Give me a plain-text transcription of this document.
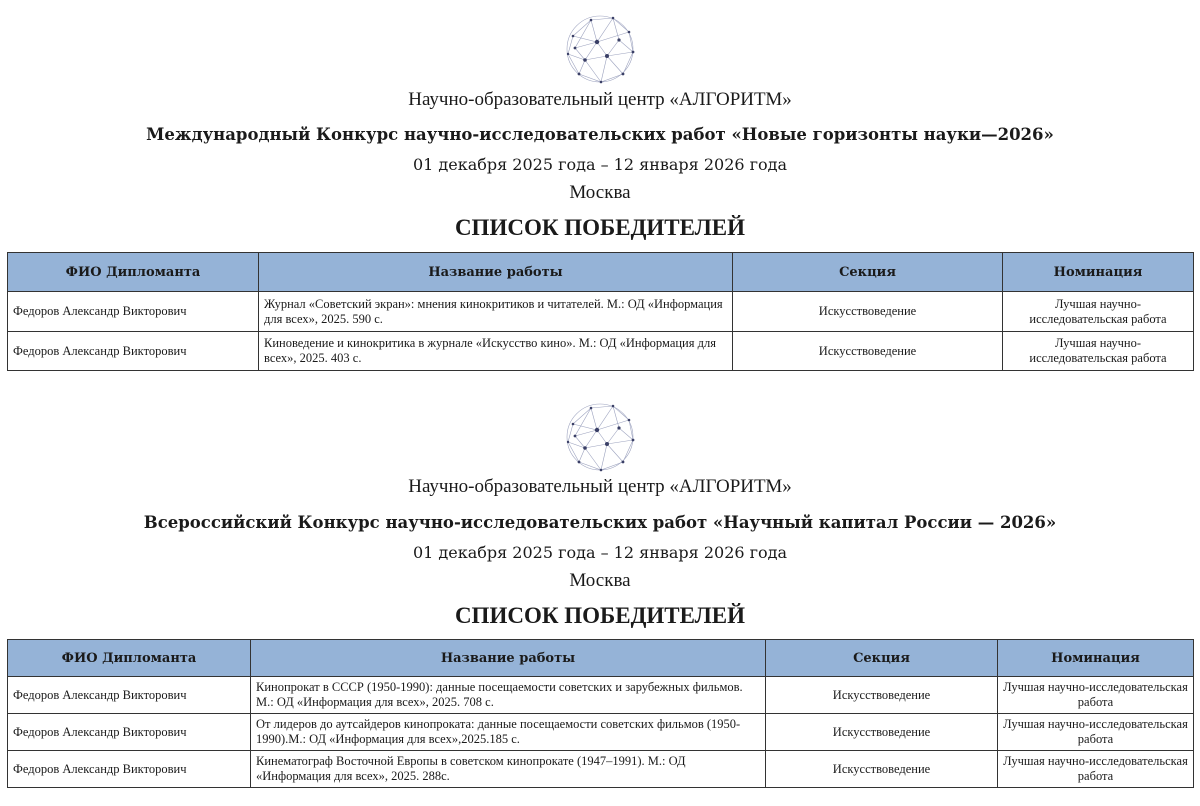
Научно-образовательный центр «АЛГОРИТМ»
Международный Конкурс научно-исследовательских работ «Новые горизонты науки—2026»
01 декабря 2025 года – 12 января 2026 года
Москва
СПИСОК ПОБЕДИТЕЛЕЙ
ФИО Дипломанта	Название работы	Секция	Номинация
Федоров Александр Викторович	Журнал «Советский экран»: мнения кинокритиков и читателей. М.: ОД «Информация для всех», 2025. 590 с.	Искусствоведение	Лучшая научно-исследовательская работа
Федоров Александр Викторович	Киноведение и кинокритика в журнале «Искусство кино». М.: ОД «Информация для всех», 2025. 403 с.	Искусствоведение	Лучшая научно-исследовательская работа
Научно-образовательный центр «АЛГОРИТМ»
Всероссийский Конкурс научно-исследовательских работ «Научный капитал России — 2026»
01 декабря 2025 года – 12 января 2026 года
Москва
СПИСОК ПОБЕДИТЕЛЕЙ
ФИО Дипломанта	Название работы	Секция	Номинация
Федоров Александр Викторович	Кинопрокат в СССР (1950-1990): данные посещаемости советских и зарубежных фильмов. М.: ОД «Информация для всех», 2025. 708 с.	Искусствоведение	Лучшая научно-исследовательская работа
Федоров Александр Викторович	От лидеров до аутсайдеров кинопроката: данные посещаемости советских фильмов (1950-1990).М.: ОД «Информация для всех»,2025.185 с.	Искусствоведение	Лучшая научно-исследовательская работа
Федоров Александр Викторович	Кинематограф Восточной Европы в советском кинопрокате (1947–1991). М.: ОД «Информация для всех», 2025. 288с.	Искусствоведение	Лучшая научно-исследовательская работа
